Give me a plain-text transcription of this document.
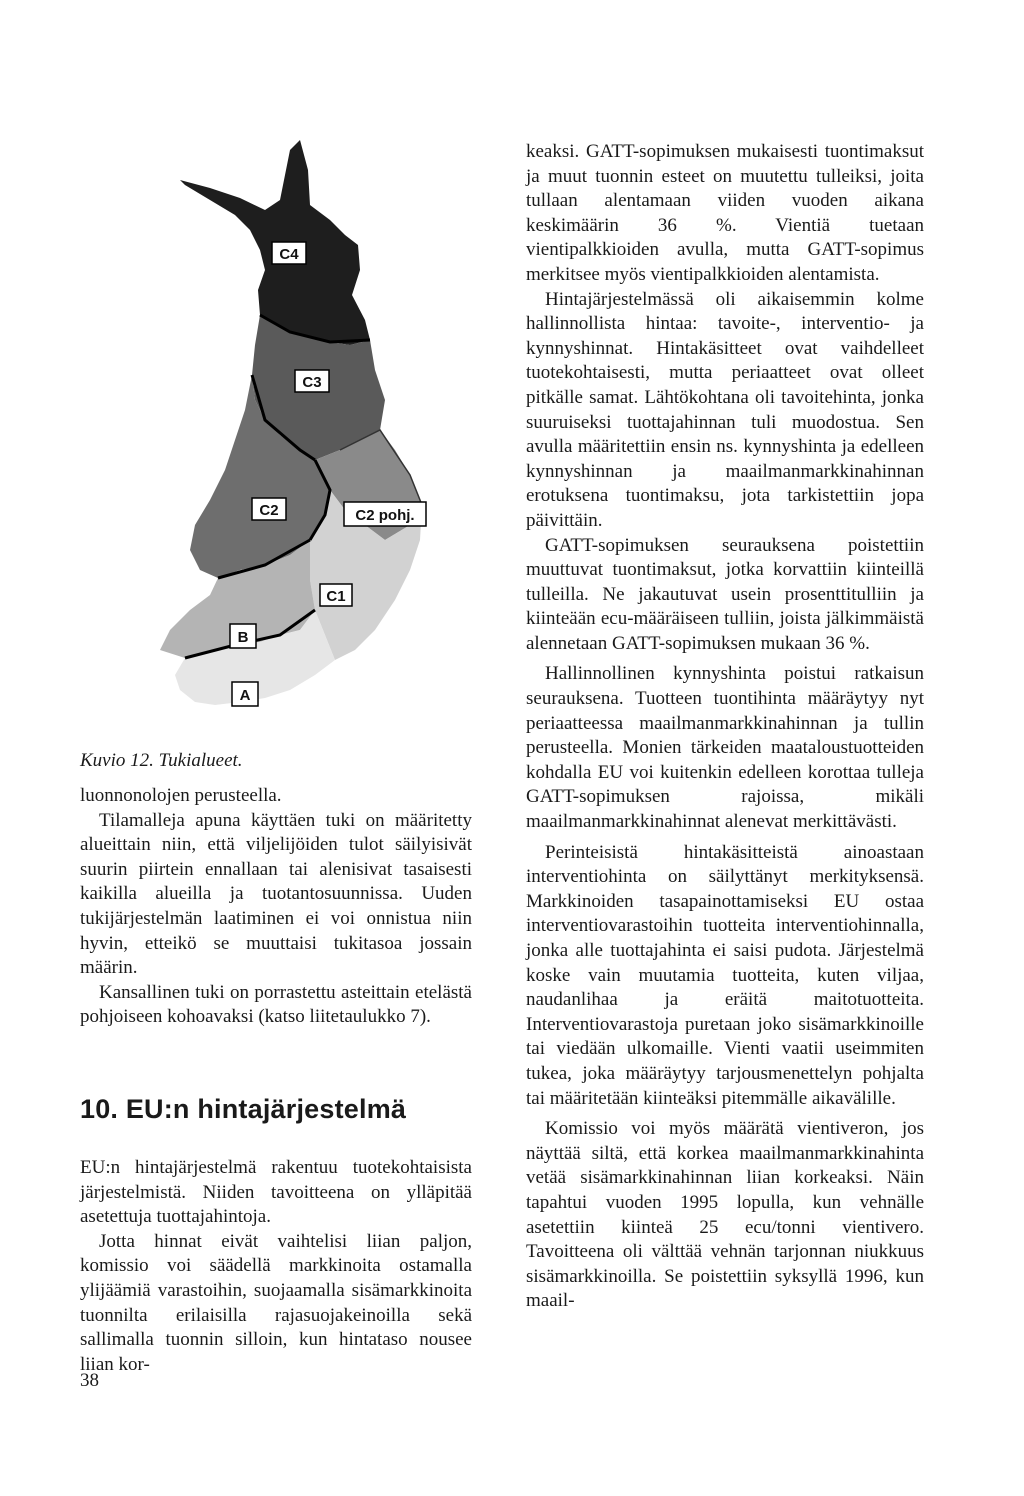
C4
C3
C2	C2 pohj.
C1
B
A
Kuvio 12. Tukialueet.

luonnonolojen perusteella.

Tilamalleja apuna käyttäen tuki on määritetty alueittain niin, että viljelijöiden tulot säilyisivät suurin piirtein ennallaan tai alenisivat tasaisesti kaikilla alueilla ja tuotantosuunnissa. Uuden tukijärjestelmän laatiminen ei voi onnistua niin hyvin, etteikö se muuttaisi tukitasoa jossain määrin.

Kansallinen tuki on porrastettu asteittain etelästä pohjoiseen kohoavaksi (katso liitetaulukko 7).

10. EU:n hintajärjestelmä

EU:n hintajärjestelmä rakentuu tuotekohtaisista järjestelmistä. Niiden tavoitteena on ylläpitää asetettuja tuottajahintoja.

Jotta hinnat eivät vaihtelisi liian paljon, komissio voi säädellä markkinoita ostamalla ylijäämiä varastoihin, suojaamalla sisämarkkinoita tuonnilta erilaisilla rajasuojakeinoilla sekä sallimalla tuonnin silloin, kun hintataso nousee liian kor-

keaksi. GATT-sopimuksen mukaisesti tuontimaksut ja muut tuonnin esteet on muutettu tulleiksi, joita tullaan alentamaan viiden vuoden aikana keskimäärin 36 %. Vientiä tuetaan vientipalkkioiden avulla, mutta GATT-sopimus merkitsee myös vientipalkkioiden alentamista.

Hintajärjestelmässä oli aikaisemmin kolme hallinnollista hintaa: tavoite-, interventio- ja kynnyshinnat. Hintakäsitteet ovat vaihdelleet tuotekohtaisesti, mutta periaatteet ovat olleet pitkälle samat. Lähtökohtana oli tavoitehinta, jonka suuruiseksi tuottajahinnan tuli muodostua. Sen avulla määritettiin ensin ns. kynnyshinta ja edelleen kynnyshinnan ja maailmanmarkkinahinnan erotuksena tuontimaksu, jota tarkistettiin jopa päivittäin.

GATT-sopimuksen seurauksena poistettiin muuttuvat tuontimaksut, jotka korvattiin kiinteillä tulleilla. Ne jakautuvat usein prosenttitulliin ja kiinteään ecu-määräiseen tulliin, joista jälkimmäistä alennetaan GATT-sopimuksen mukaan 36 %.

Hallinnollinen kynnyshinta poistui ratkaisun seurauksena. Tuotteen tuontihinta määräytyy nyt periaatteessa maailmanmarkkinahinnan ja tullin perusteella. Monien tärkeiden maataloustuotteiden kohdalla EU voi kuitenkin edelleen korottaa tulleja GATT-sopimuksen rajoissa, mikäli maailmanmarkkinahinnat alenevat merkittävästi.

Perinteisistä hintakäsitteistä ainoastaan interventiohinta on säilyttänyt merkityksensä. Markkinoiden tasapainottamiseksi EU ostaa interventiovarastoihin tuotteita interventiohinnalla, jonka alle tuottajahinta ei saisi pudota. Järjestelmä koske vain muutamia tuotteita, kuten viljaa, naudanlihaa ja eräitä maitotuotteita. Interventiovarastoja puretaan joko sisämarkkinoille tai viedään ulkomaille. Vienti vaatii useimmiten tukea, joka määräytyy tarjousmenettelyn pohjalta tai määritetään kiinteäksi pitemmälle aikavälille.

Komissio voi myös määrätä vientiveron, jos näyttää siltä, että korkea maailmanmarkkinahinta vetää sisämarkkinahinnan liian korkeaksi. Näin tapahtui vuoden 1995 lopulla, kun vehnälle asetettiin kiinteä 25 ecu/tonni vientivero. Tavoitteena oli välttää vehnän tarjonnan niukkuus sisämarkkinoilla. Se poistettiin syksyllä 1996, kun maail-

38
